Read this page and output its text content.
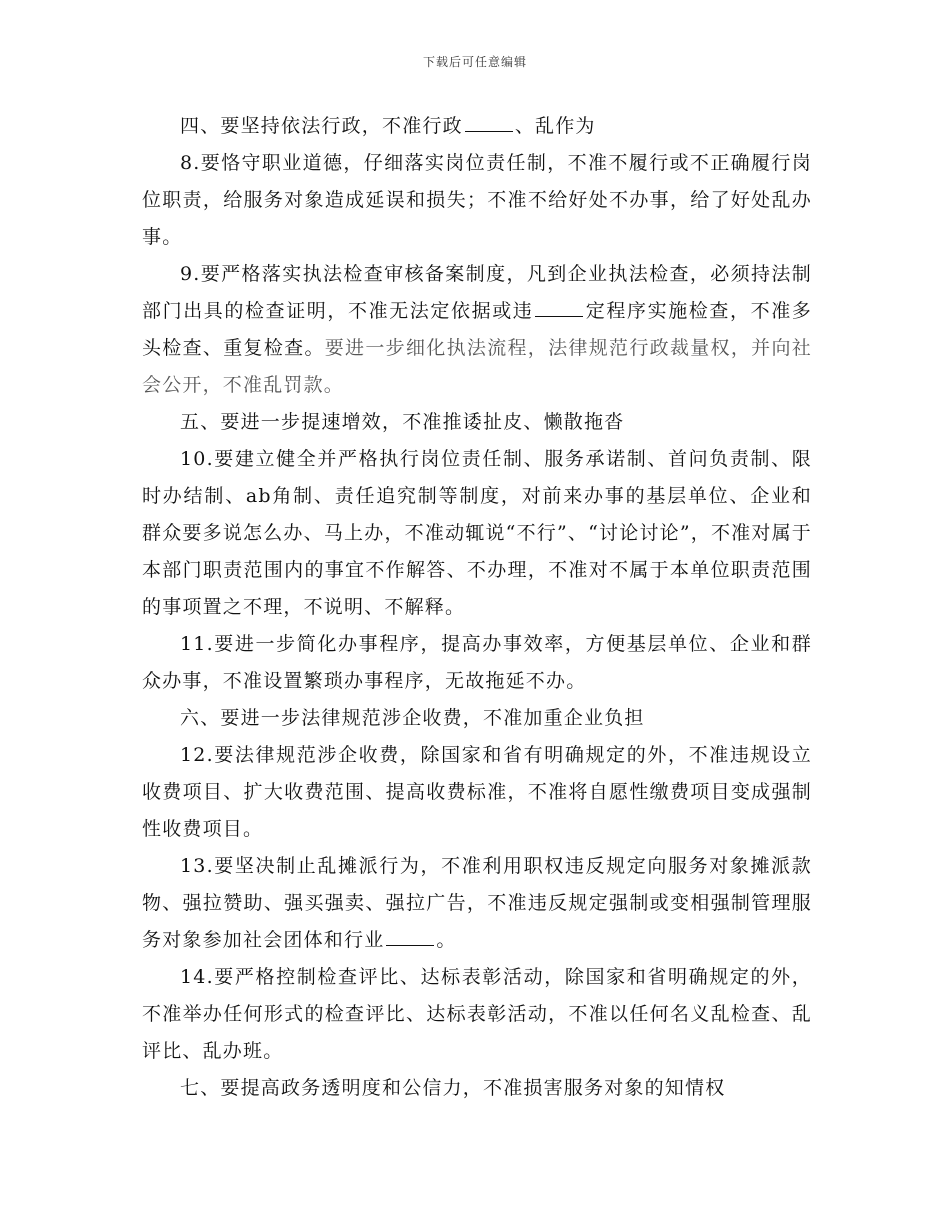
下载后可任意编辑

四、要坚持依法行政，不准行政	、乱作为

8.要恪守职业道德，仔细落实岗位责任制，不准不履行或不正确履行岗位职责，给服务对象造成延误和损失；不准不给好处不办事，给了好处乱办事。

9.要严格落实执法检查审核备案制度，凡到企业执法检查，必须持法制部门出具的检查证明，不准无法定依据或违	定程序实施检查，不准多头检查、重复检查。要进一步细化执法流程，法律规范行政裁量权，并向社会公开，不准乱罚款。

五、要进一步提速增效，不准推诿扯皮、懒散拖沓

10.要建立健全并严格执行岗位责任制、服务承诺制、首问负责制、限时办结制、ab角制、责任追究制等制度，对前来办事的基层单位、企业和群众要多说怎么办、马上办，不准动辄说“不行”、“讨论讨论”，不准对属于本部门职责范围内的事宜不作解答、不办理，不准对不属于本单位职责范围的事项置之不理，不说明、不解释。

11.要进一步简化办事程序，提高办事效率，方便基层单位、企业和群众办事，不准设置繁琐办事程序，无故拖延不办。

六、要进一步法律规范涉企收费，不准加重企业负担

12.要法律规范涉企收费，除国家和省有明确规定的外，不准违规设立收费项目、扩大收费范围、提高收费标准，不准将自愿性缴费项目变成强制性收费项目。

13.要坚决制止乱摊派行为，不准利用职权违反规定向服务对象摊派款物、强拉赞助、强买强卖、强拉广告，不准违反规定强制或变相强制管理服务对象参加社会团体和行业	。

14.要严格控制检查评比、达标表彰活动，除国家和省明确规定的外，不准举办任何形式的检查评比、达标表彰活动，不准以任何名义乱检查、乱评比、乱办班。

七、要提高政务透明度和公信力，不准损害服务对象的知情权
